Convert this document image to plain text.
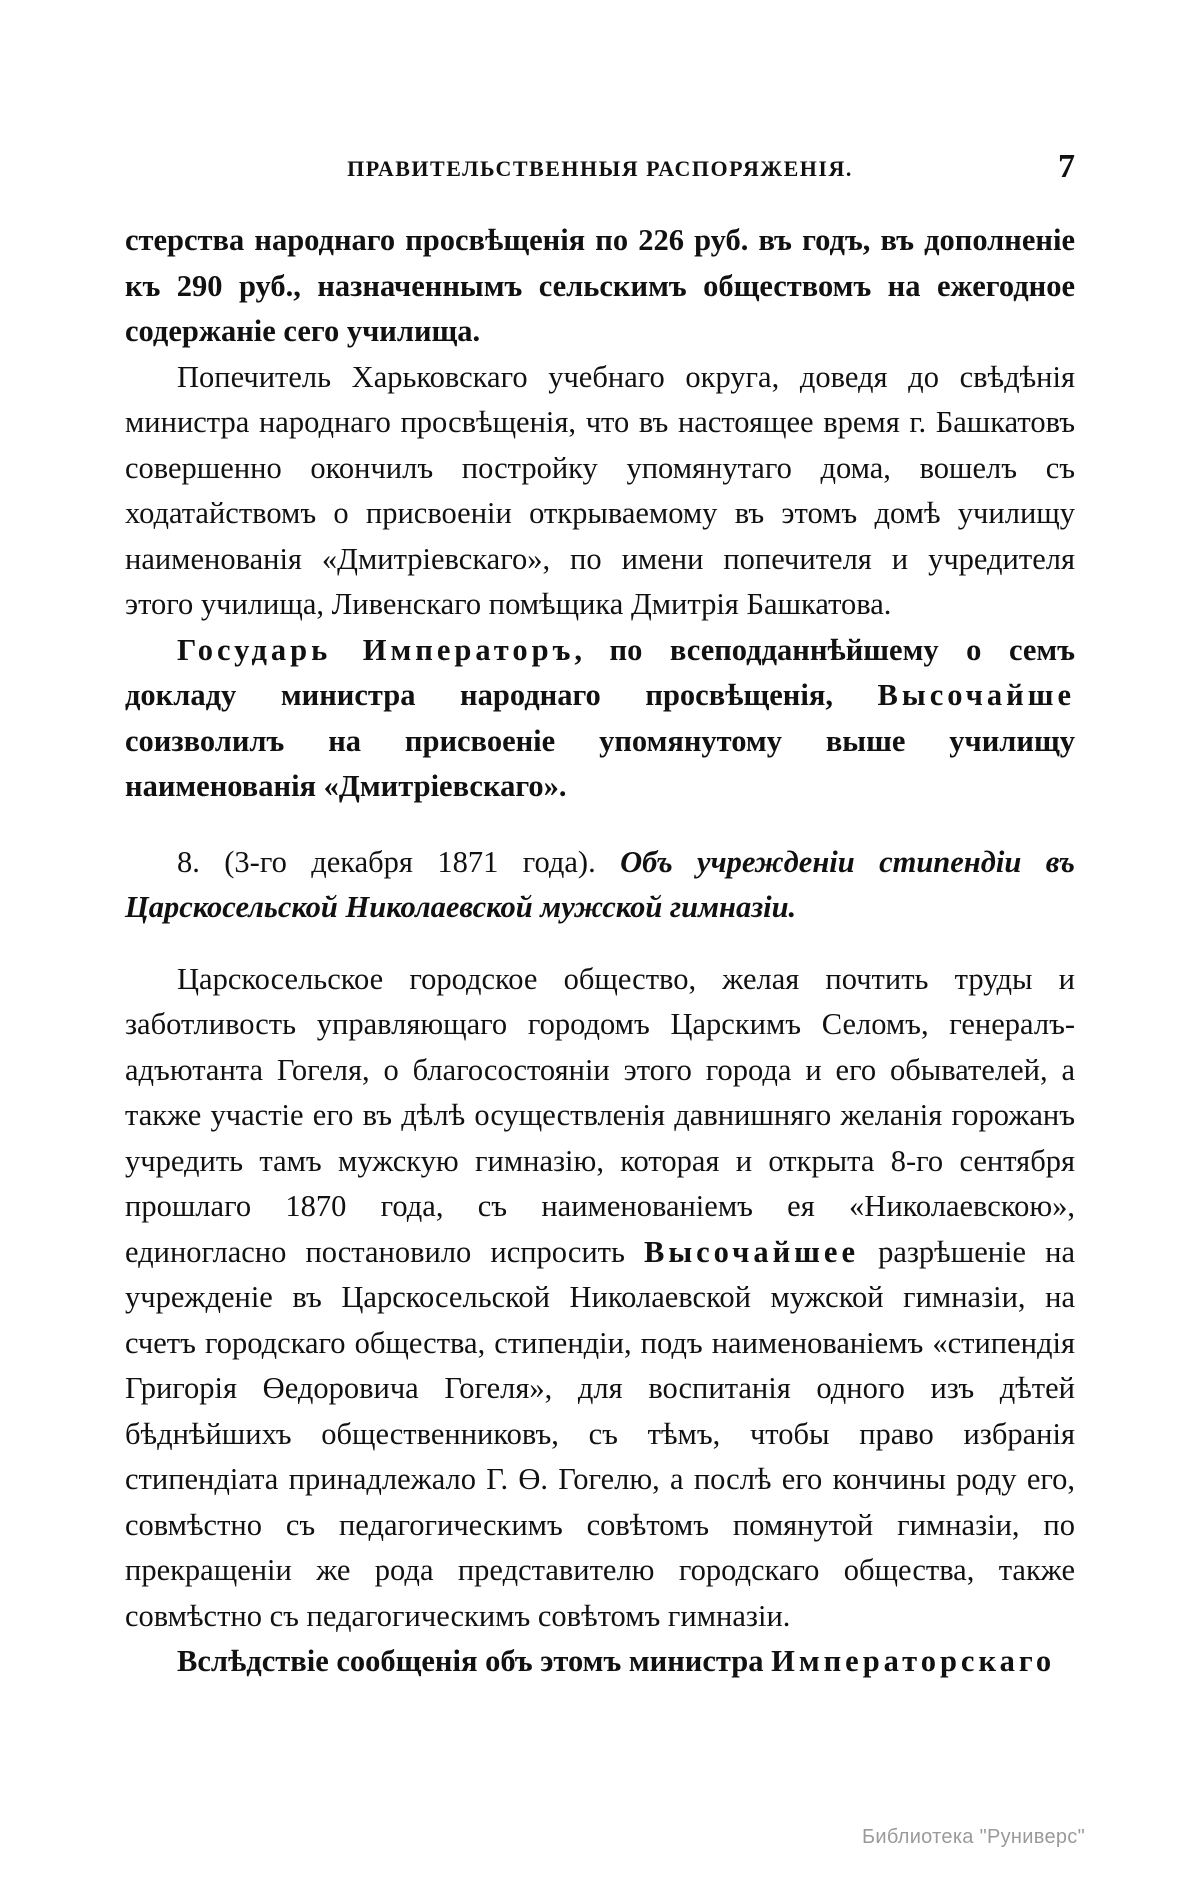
ПРАВИТЕЛЬСТВЕННЫЯ РАСПОРЯЖЕНІЯ.	7

стерства народнаго просвѣщенія по 226 руб. въ годъ, въ дополненіе къ 290 руб., назначеннымъ сельскимъ обществомъ на ежегодное содержаніе сего училища.

Попечитель Харьковскаго учебнаго округа, доведя до свѣдѣнія министра народнаго просвѣщенія, что въ настоящее время г. Башкатовъ совершенно окончилъ постройку упомянутаго дома, вошелъ съ ходатайствомъ о присвоеніи открываемому въ этомъ домѣ училищу наименованія «Дмитріевскаго», по имени попечителя и учредителя этого училища, Ливенскаго помѣщика Дмитрія Башкатова.

Государь Императоръ, по всеподданнѣйшему о семъ докладу министра народнаго просвѣщенія, Высочайше соизволилъ на присвоеніе упомянутому выше училищу наименованія «Дмитріевскаго».

8. (3-го декабря 1871 года). Объ учрежденіи стипендіи въ Царскосельской Николаевской мужской гимназіи.

Царскосельское городское общество, желая почтить труды и заботливость управляющаго городомъ Царскимъ Селомъ, генералъ-адъютанта Гогеля, о благосостояніи этого города и его обывателей, а также участіе его въ дѣлѣ осуществленія давнишняго желанія горожанъ учредить тамъ мужскую гимназію, которая и открыта 8-го сентября прошлаго 1870 года, съ наименованіемъ ея «Николаевскою», единогласно постановило испросить Высочайшее разрѣшеніе на учрежденіе въ Царскосельской Николаевской мужской гимназіи, на счетъ городскаго общества, стипендіи, подъ наименованіемъ «стипендія Григорія Өедоровича Гогеля», для воспитанія одного изъ дѣтей бѣднѣйшихъ общественниковъ, съ тѣмъ, чтобы право избранія стипендіата принадлежало Г. Ө. Гогелю, а послѣ его кончины роду его, совмѣстно съ педагогическимъ совѣтомъ помянутой гимназіи, по прекращеніи же рода представителю городскаго общества, также совмѣстно съ педагогическимъ совѣтомъ гимназіи.

Вслѣдствіе сообщенія объ этомъ министра Императорскаго

Библиотека "Руниверс"
